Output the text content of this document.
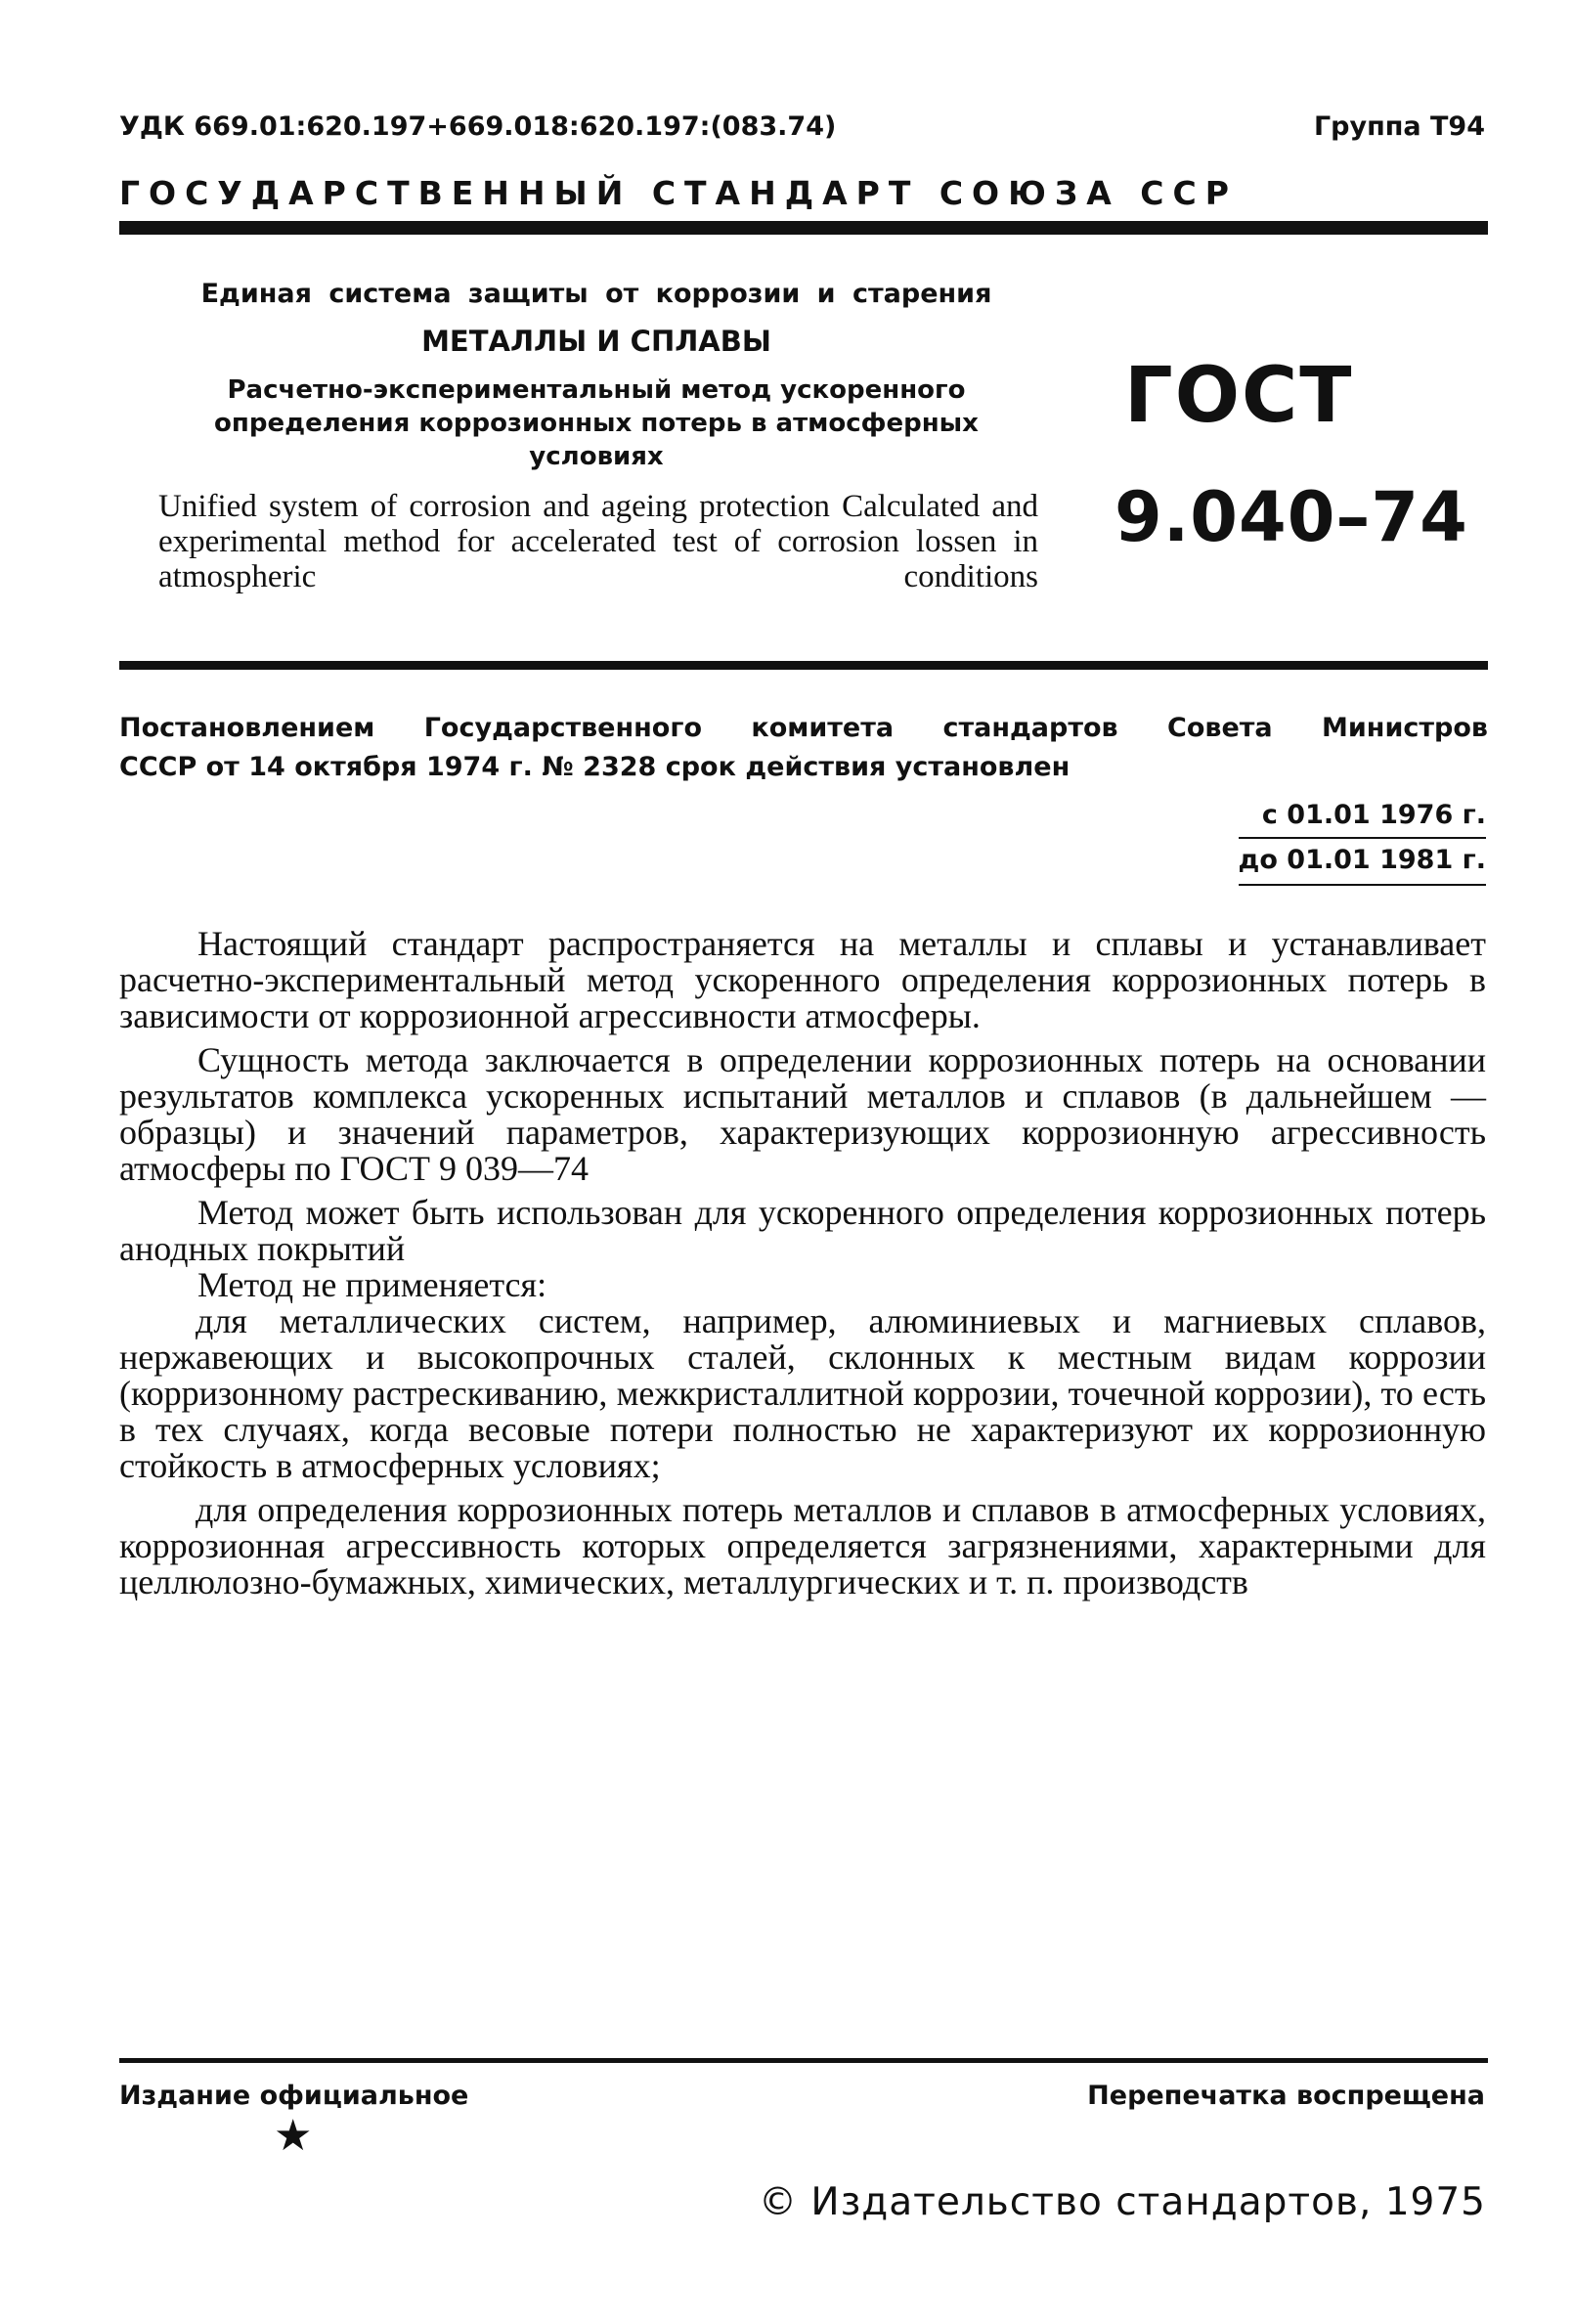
УДК 669.01:620.197+669.018:620.197:(083.74)	Группа Т94
ГОСУДАРСТВЕННЫЙ СТАНДАРТ СОЮЗА ССР
Единая система защиты от коррозии и старения
МЕТАЛЛЫ И СПЛАВЫ
Расчетно-экспериментальный метод ускоренного определения коррозионных потерь в атмосферных условиях
Unified system of corrosion and ageing protection Calculated and experimental method for accelerated test of corrosion lossen in atmospheric conditions
ГОСТ
9.040–74
Постановлением Государственного комитета стандартов Совета Министров
СССР от 14 октября 1974 г. № 2328 срок действия установлен
с 01.01 1976 г.
до 01.01 1981 г.

Настоящий стандарт распространяется на металлы и сплавы и устанавливает расчетно-экспериментальный метод ускоренного определения коррозионных потерь в зависимости от коррозионной агрессивности атмосферы.

Сущность метода заключается в определении коррозионных потерь на основании результатов комплекса ускоренных испытаний металлов и сплавов (в дальнейшем — образцы) и значений параметров, характеризующих коррозионную агрессивность атмосферы по ГОСТ 9 039—74

Метод может быть использован для ускоренного определения коррозионных потерь анодных покрытий

Метод не применяется:

для металлических систем, например, алюминиевых и магниевых сплавов, нержавеющих и высокопрочных сталей, склонных к местным видам коррозии (корризонному растрескиванию, межкристаллитной коррозии, точечной коррозии), то есть в тех случаях, когда весовые потери полностью не характеризуют их коррозионную стойкость в атмосферных условиях;

для определения коррозионных потерь металлов и сплавов в атмосферных условиях, коррозионная агрессивность которых определяется загрязнениями, характерными для целлюлозно-бумажных, химических, металлургических и т. п. производств

Издание официальное	Перепечатка воспрещена
★
© Издательство стандартов, 1975
